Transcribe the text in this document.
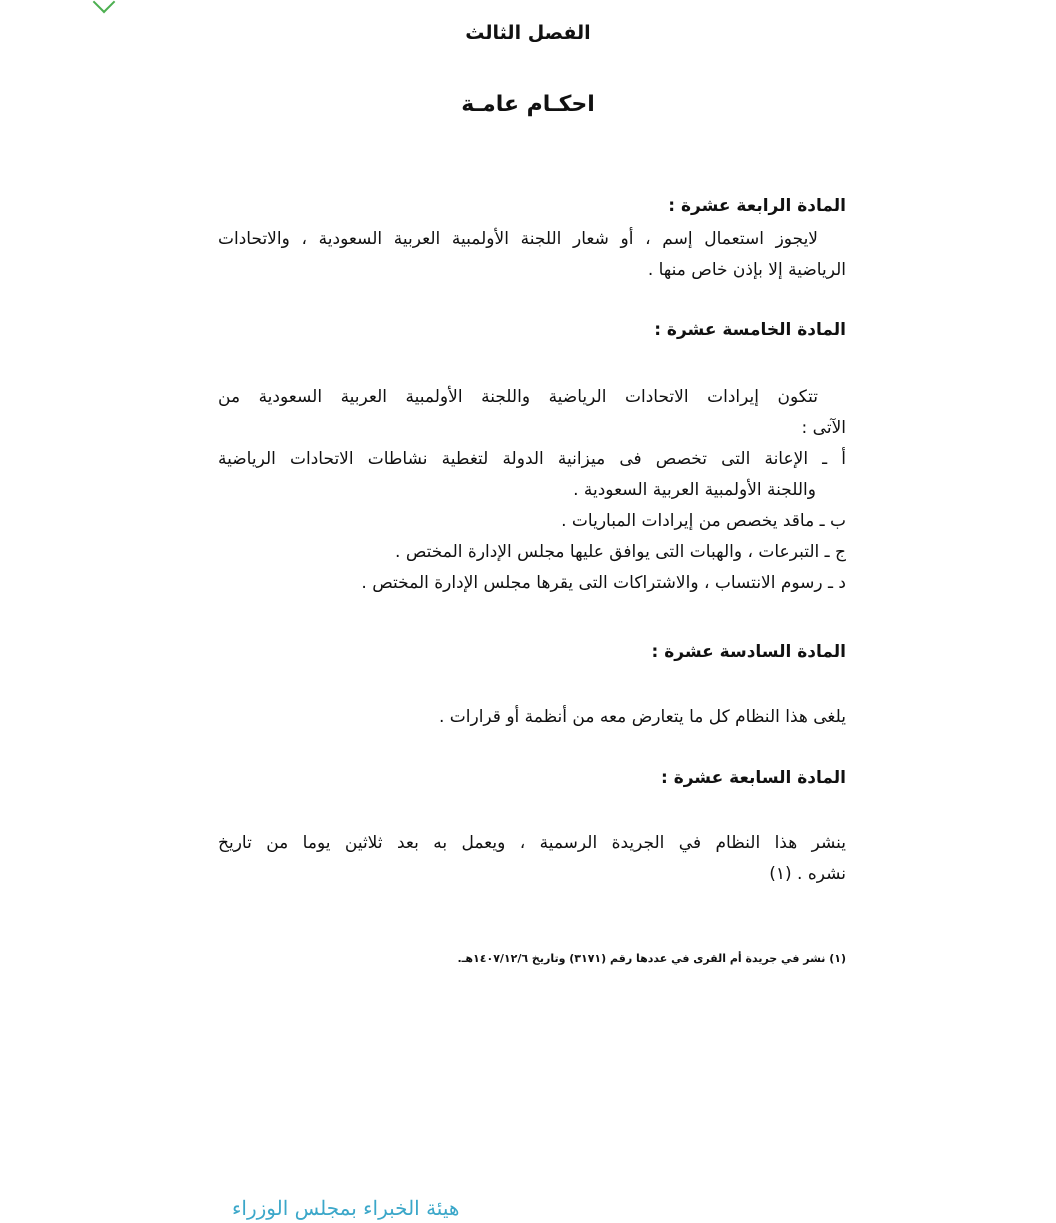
الفصل الثالث
احكـام عامـة
المادة الرابعة عشرة :
لايجوز استعمال إسم ، أو شعار اللجنة الأولمبية العربية السعودية ، والاتحادات
الرياضية إلا بإذن خاص منها .
المادة الخامسة عشرة :
تتكون إيرادات الاتحادات الرياضية واللجنة الأولمبية العربية السعودية من
الآتى :
أ ـ الإعانة التى تخصص فى ميزانية الدولة لتغطية نشاطات الاتحادات الرياضية
واللجنة الأولمبية العربية السعودية .
ب ـ ماقد يخصص من إيرادات المباريات .
ج ـ التبرعات ، والهبات التى يوافق عليها مجلس الإدارة المختص .
د ـ رسوم الانتساب ، والاشتراكات التى يقرها مجلس الإدارة المختص .
المادة السادسة عشرة :
يلغى هذا النظام كل ما يتعارض معه من أنظمة أو قرارات .
المادة السابعة عشرة :
ينشر هذا النظام في الجريدة الرسمية ، ويعمل به بعد ثلاثين يوما من تاريخ
نشره . (١)
(١) نشر في جريدة أم القرى في عددها رقم (٣١٧١) وتاريخ ١٤٠٧/١٢/٦هـ.
هيئة الخبراء بمجلس الوزراء
